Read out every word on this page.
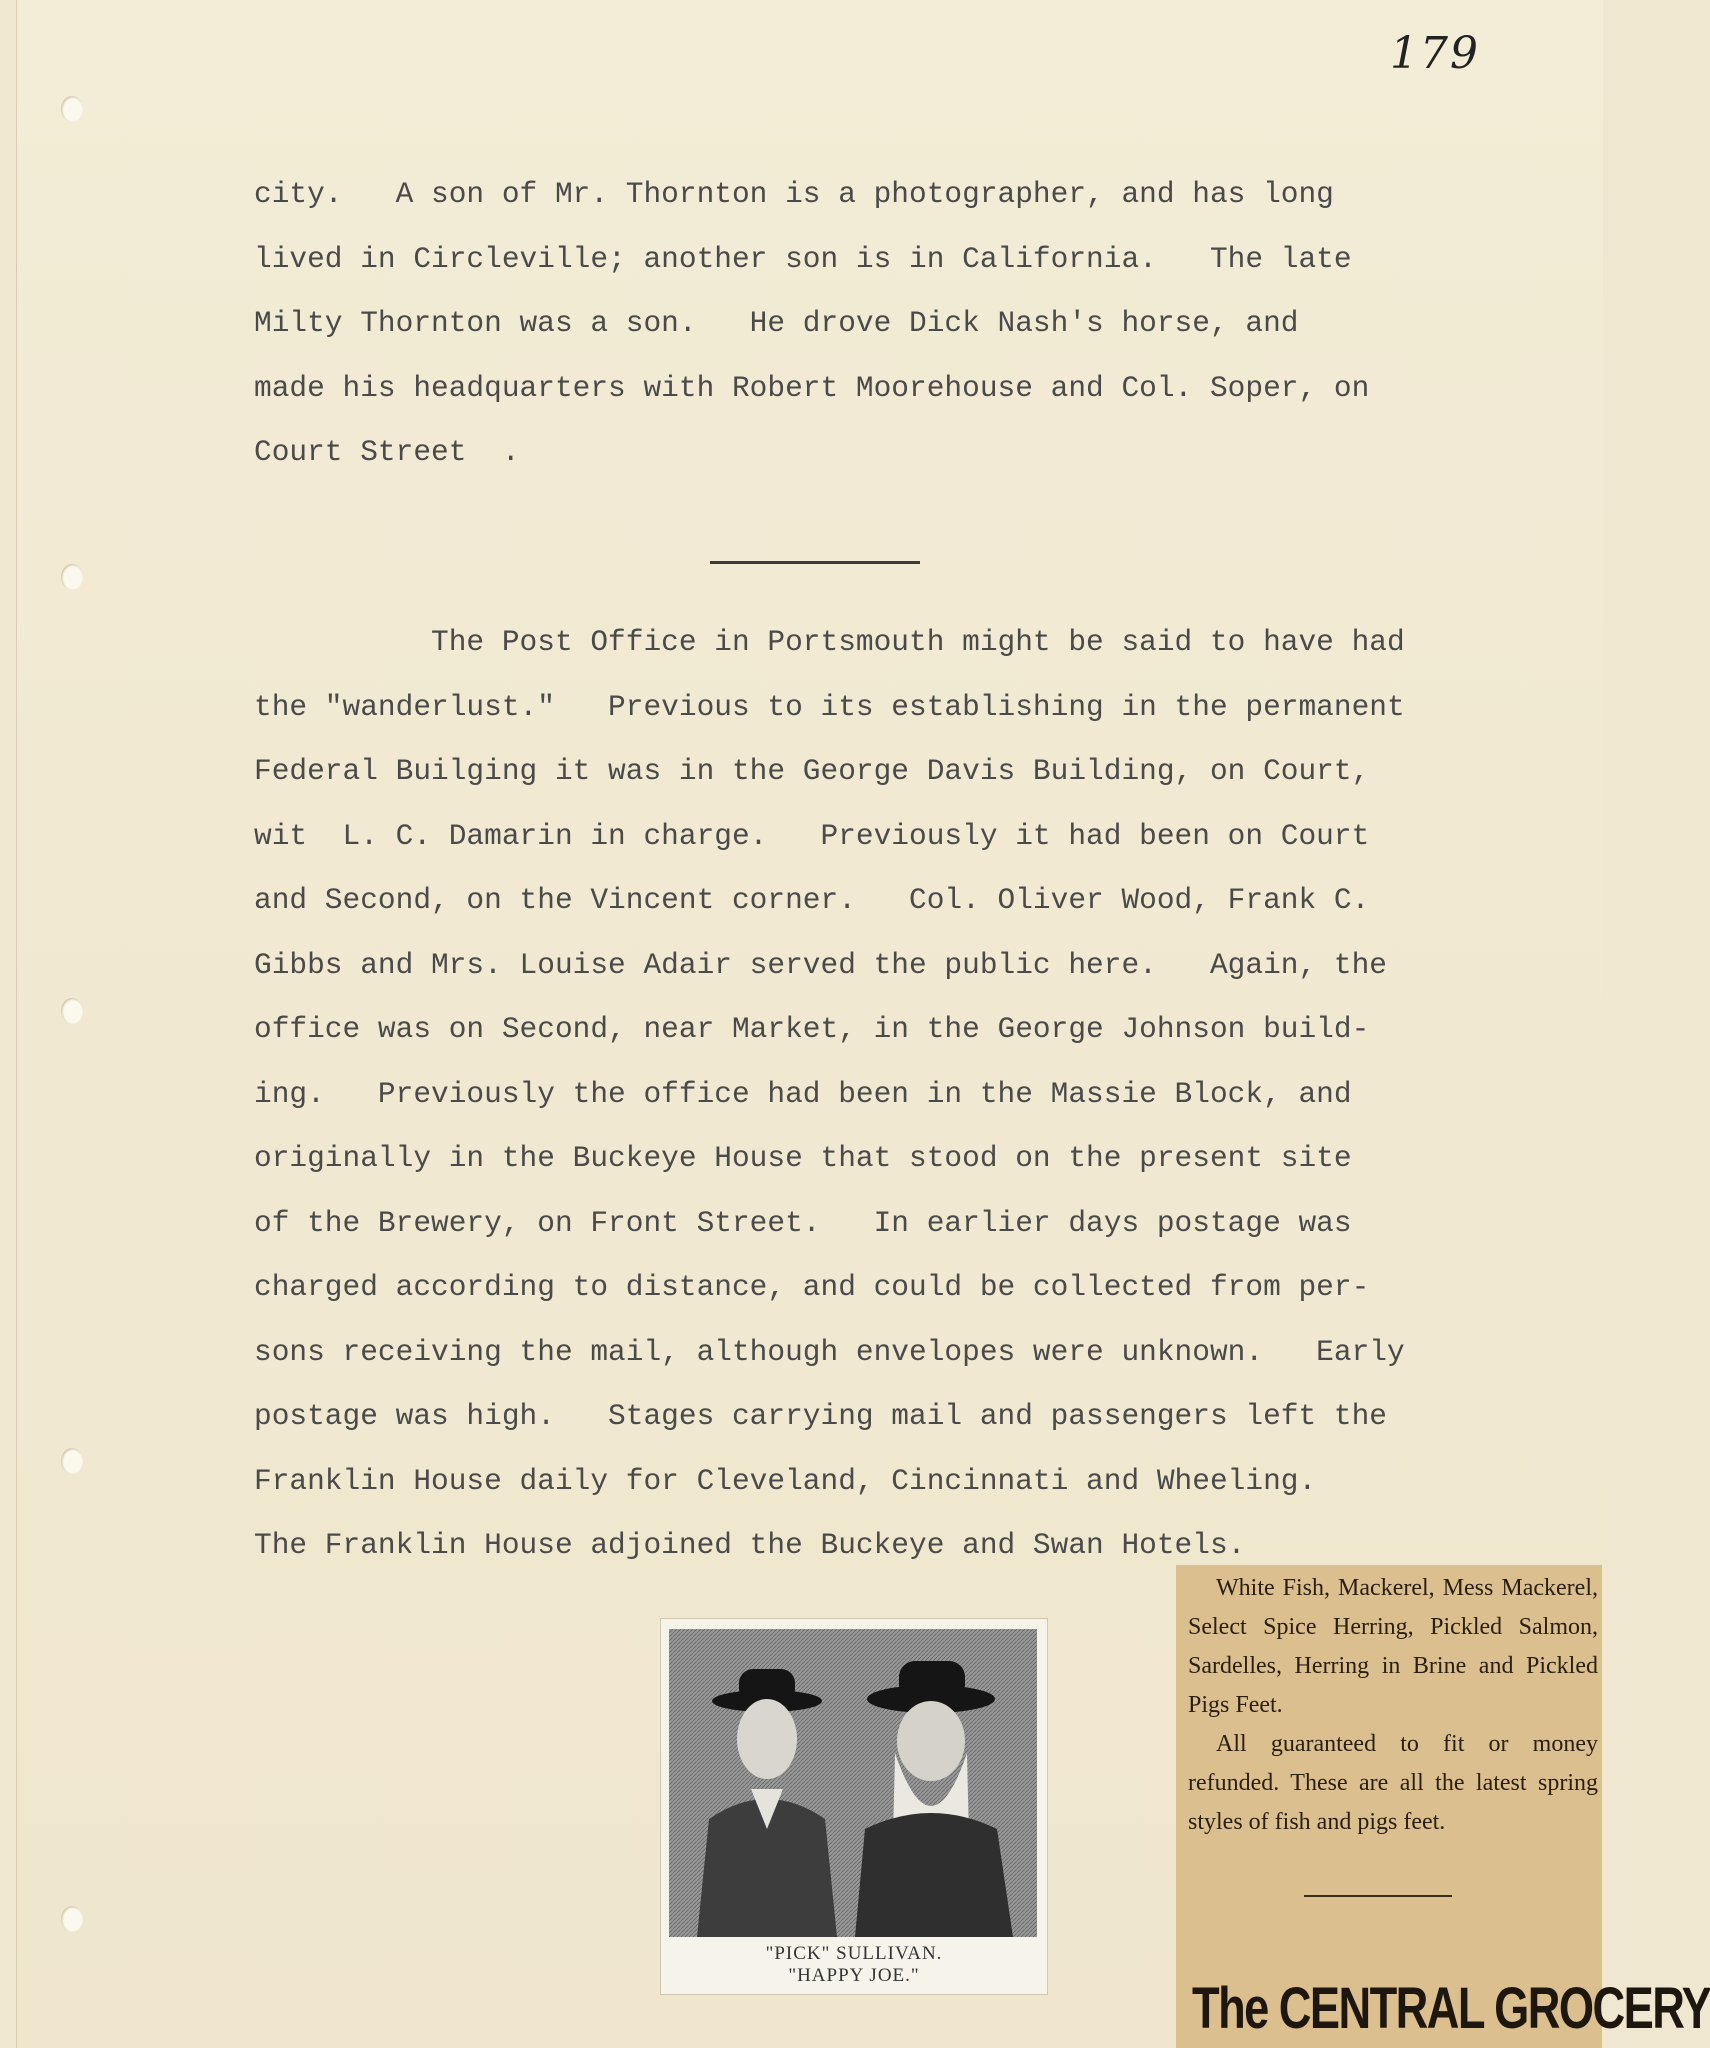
179
city.   A son of Mr. Thornton is a photographer, and has long
lived in Circleville; another son is in California.   The late
Milty Thornton was a son.   He drove Dick Nash's horse, and
made his headquarters with Robert Moorehouse and Col. Soper, on
Court Street  .
The Post Office in Portsmouth might be said to have had
the "wanderlust."   Previous to its establishing in the permanent
Federal Builging it was in the George Davis Building, on Court,
wit  L. C. Damarin in charge.   Previously it had been on Court
and Second, on the Vincent corner.   Col. Oliver Wood, Frank C.
Gibbs and Mrs. Louise Adair served the public here.   Again, the
office was on Second, near Market, in the George Johnson build-
ing.   Previously the office had been in the Massie Block, and
originally in the Buckeye House that stood on the present site
of the Brewery, on Front Street.   In earlier days postage was
charged according to distance, and could be collected from per-
sons receiving the mail, although envelopes were unknown.   Early
postage was high.   Stages carrying mail and passengers left the
Franklin House daily for Cleveland, Cincinnati and Wheeling.
The Franklin House adjoined the Buckeye and Swan Hotels.
"PICK" SULLIVAN.
"HAPPY JOE."

White Fish, Mackerel, Mess Mackerel, Select Spice Herring, Pickled Salmon, Sardelles, Herring in Brine and Pickled Pigs Feet.

All guaranteed to fit or money refunded. These are all the latest spring styles of fish and pigs feet.

The CENTRAL GROCERY
